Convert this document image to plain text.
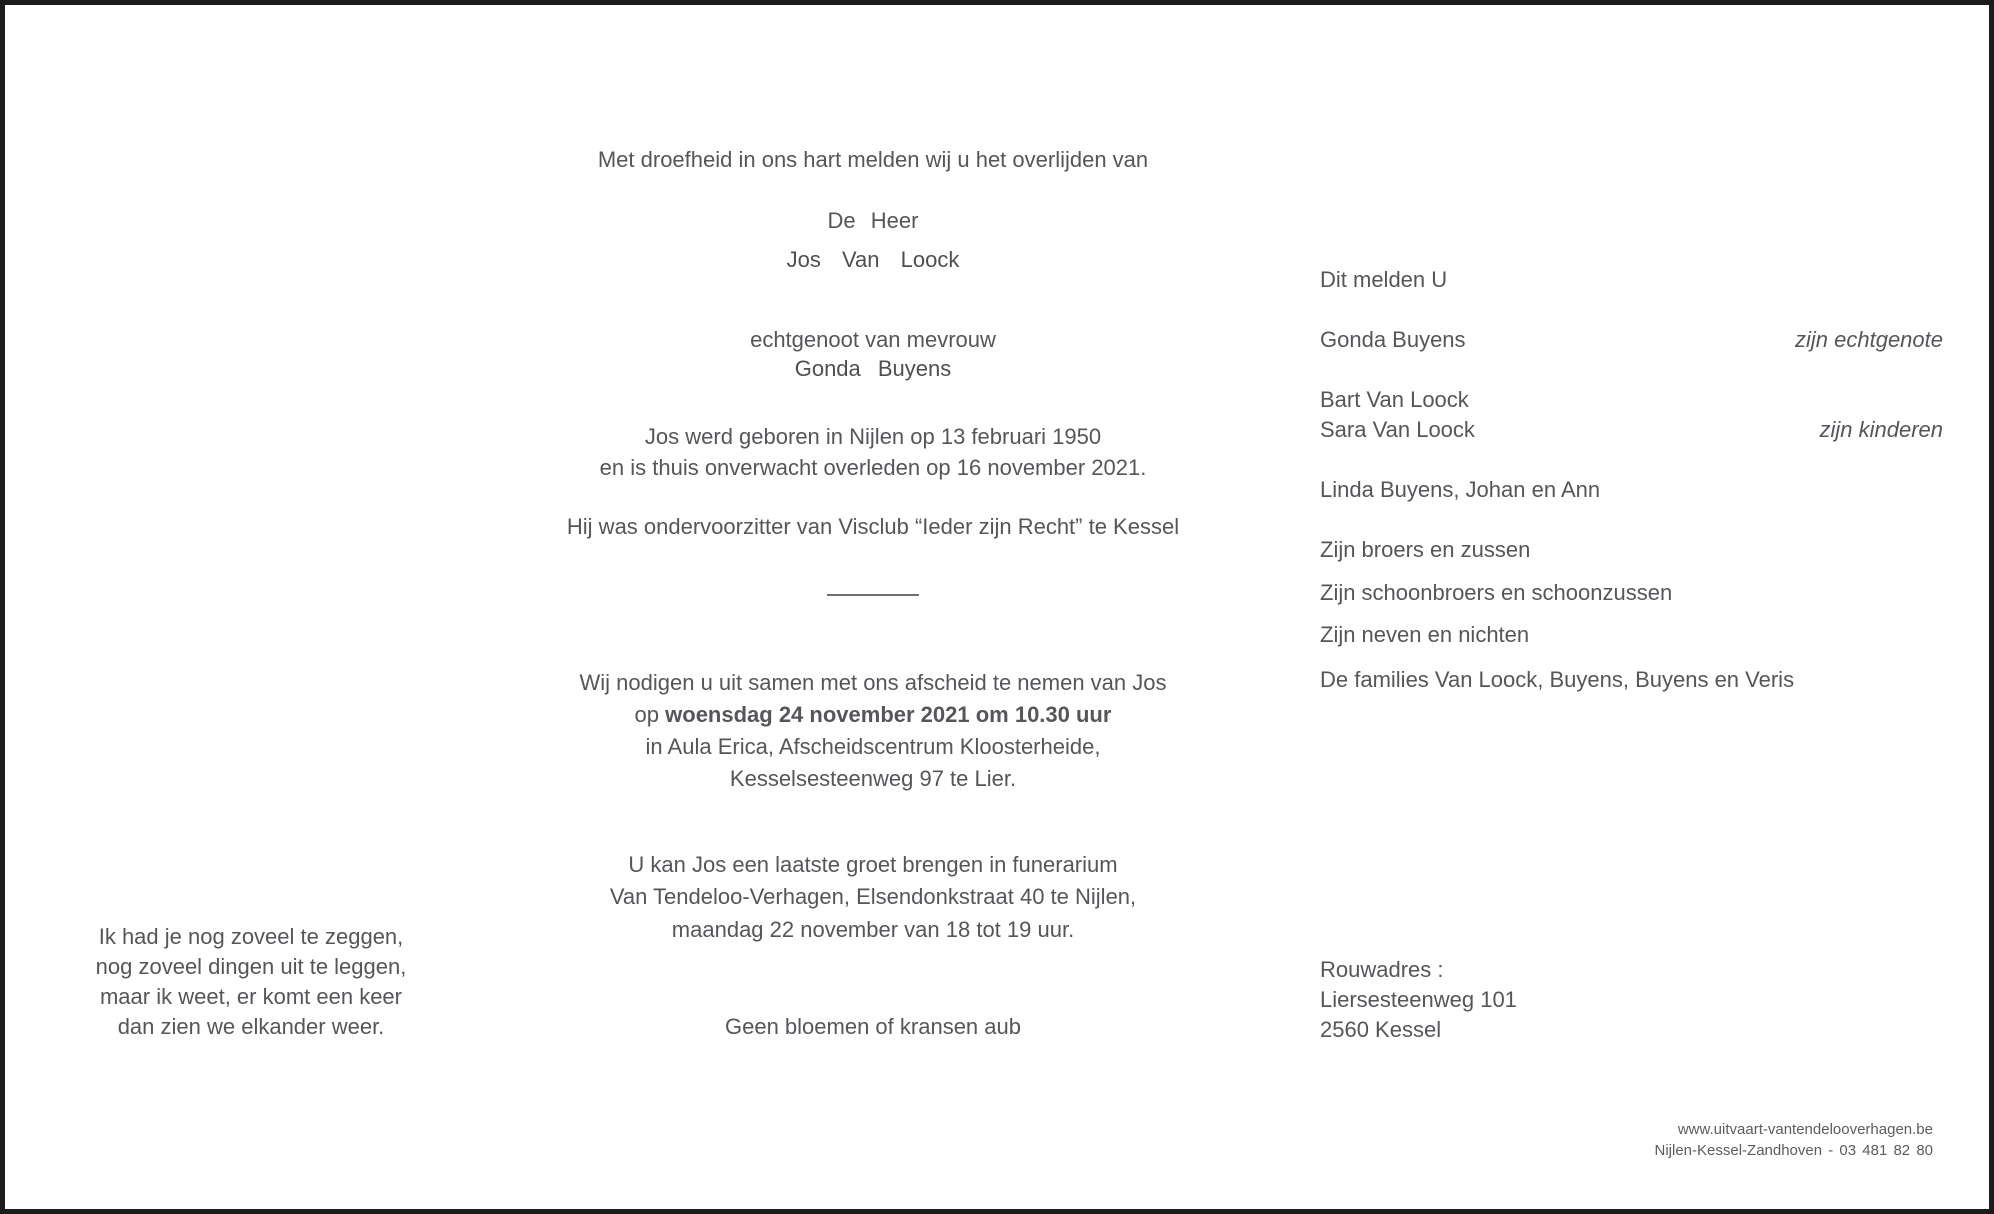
Met droefheid in ons hart melden wij u het overlijden van
De Heer
Jos Van Loock
echtgenoot van mevrouw
Gonda Buyens
Jos werd geboren in Nijlen op 13 februari 1950
en is thuis onverwacht overleden op 16 november 2021.
Hij was ondervoorzitter van Visclub “Ieder zijn Recht” te Kessel
Wij nodigen u uit samen met ons afscheid te nemen van Jos
op woensdag 24 november 2021 om 10.30 uur
in Aula Erica, Afscheidscentrum Kloosterheide,
Kesselsesteenweg 97 te Lier.
U kan Jos een laatste groet brengen in funerarium
Van Tendeloo-Verhagen, Elsendonkstraat 40 te Nijlen,
maandag 22 november van 18 tot 19 uur.
Geen bloemen of kransen aub
Ik had je nog zoveel te zeggen,
nog zoveel dingen uit te leggen,
maar ik weet, er komt een keer
dan zien we elkander weer.
Dit melden U
Gonda Buyens
Bart Van Loock
Sara Van Loock
Linda Buyens, Johan en Ann
Zijn broers en zussen
Zijn schoonbroers en schoonzussen
Zijn neven en nichten
De families Van Loock, Buyens, Buyens en Veris
zijn echtgenote
zijn kinderen
Rouwadres :
Liersesteenweg 101
2560 Kessel
www.uitvaart-vantendelooverhagen.be
Nijlen-Kessel-Zandhoven - 03 481 82 80
